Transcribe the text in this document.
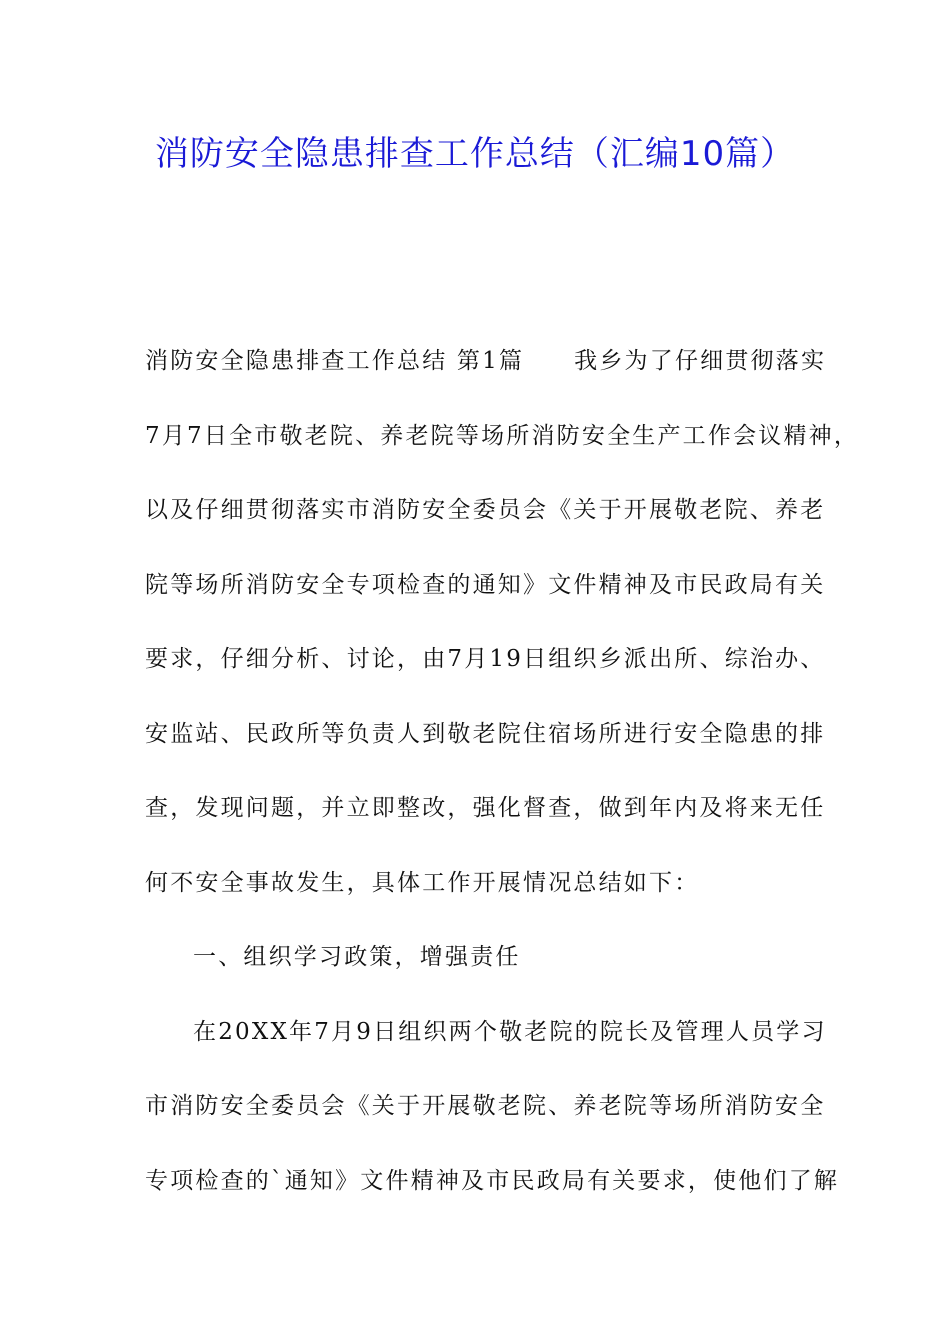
消防安全隐患排查工作总结（汇编10篇）
消防安全隐患排查工作总结 第1篇 我乡为了仔细贯彻落实
7月7日全市敬老院、养老院等场所消防安全生产工作会议精神，
以及仔细贯彻落实市消防安全委员会《关于开展敬老院、养老
院等场所消防安全专项检查的通知》文件精神及市民政局有关
要求，仔细分析、讨论，由7月19日组织乡派出所、综治办、
安监站、民政所等负责人到敬老院住宿场所进行安全隐患的排
查，发现问题，并立即整改，强化督查，做到年内及将来无任
何不安全事故发生，具体工作开展情况总结如下：
一、组织学习政策，增强责任
在20XX年7月9日组织两个敬老院的院长及管理人员学习
市消防安全委员会《关于开展敬老院、养老院等场所消防安全
专项检查的`通知》文件精神及市民政局有关要求，使他们了解
